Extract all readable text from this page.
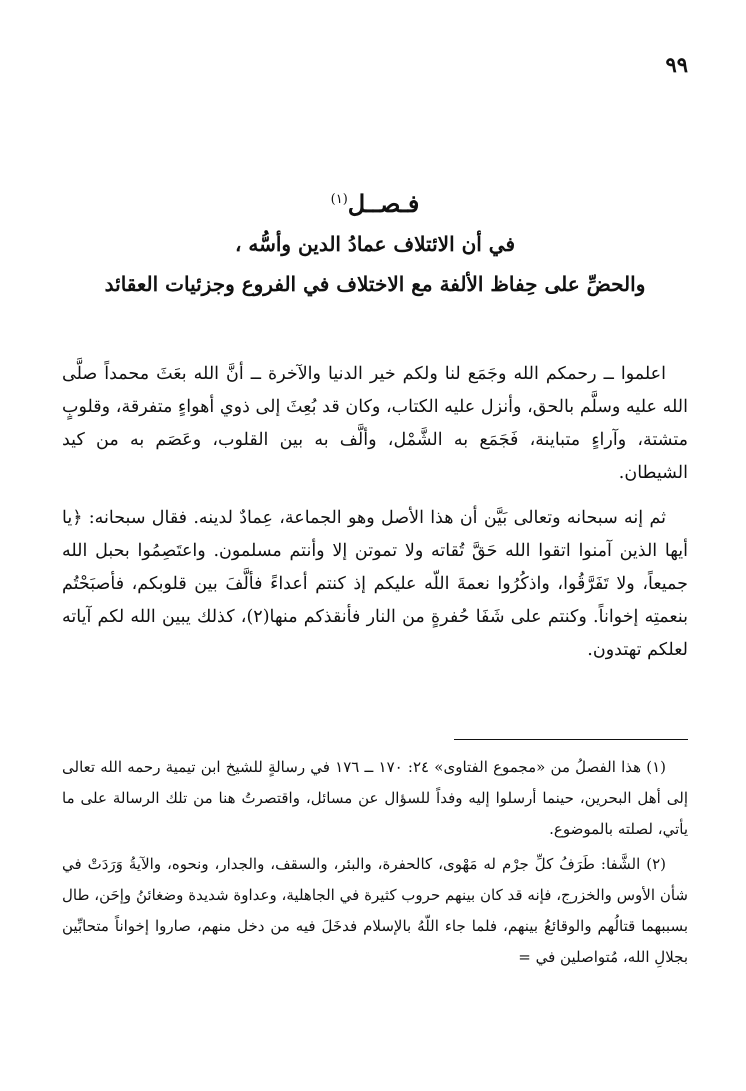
٩٩

فـصــل$^{(١)}$

في أن الائتلاف عمادُ الدين وأسُّه ،

والحضِّ على حِفاظ الألفة مع الاختلاف في الفروع وجزئيات العقائد

اعلموا ــ رحمكم الله وجَمَع لنا ولكم خير الدنيا والآخرة ــ أنَّ الله بعَثَ محمداً صلَّى الله عليه وسلَّم بالحق، وأنزل عليه الكتاب، وكان قد بُعِثَ إلى ذوي أهواءٍ متفرقة، وقلوبٍ متشتة، وآراءٍ متباينة، فَجَمَع به الشَّمْل، وألَّف به بين القلوب، وعَصَم به من كيد الشيطان.

ثم إنه سبحانه وتعالى بَيَّن أن هذا الأصل وهو الجماعة، عِمادٌ لدينه. فقال سبحانه: ﴿يا أيها الذين آمنوا اتقوا الله حَقَّ تُقاته ولا تموتن إلا وأنتم مسلمون. واعتَصِمُوا بحبل الله جميعاً، ولا تَفَرَّقُوا، واذكُرُوا نعمةَ اللّه عليكم إذ كنتم أعداءً فألَّفَ بين قلوبكم، فأصبَحْتُم بنعمتِه إخواناً. وكنتم على شَفَا حُفرةٍ من النار فأنقذكم منها(٢)، كذلك يبين الله لكم آياته لعلكم تهتدون.

(١) هذا الفصلُ من «مجموع الفتاوى» ٢٤: ١٧٠ ــ ١٧٦ في رسالةٍ للشيخ ابن تيمية رحمه الله تعالى إلى أهل البحرين، حينما أرسلوا إليه وفداً للسؤال عن مسائل، واقتصرتُ هنا من تلك الرسالة على ما يأتي، لصلته بالموضوع.

(٢) الشَّفا: طَرَفُ كلِّ جرْم له مَهْوى، كالحفرة، والبئر، والسقف، والجدار، ونحوه، والآيةُ وَرَدَتْ في شأن الأوس والخزرج، فإنه قد كان بينهم حروب كثيرة في الجاهلية، وعداوة شديدة وضغائنُ وإحَن، طال بسببهما قتالُهم والوقائعُ بينهم، فلما جاء اللّهُ بالإسلام فدخَلَ فيه من دخل منهم، صاروا إخواناً متحابِّين بجلالِ الله، مُتواصلين في =
